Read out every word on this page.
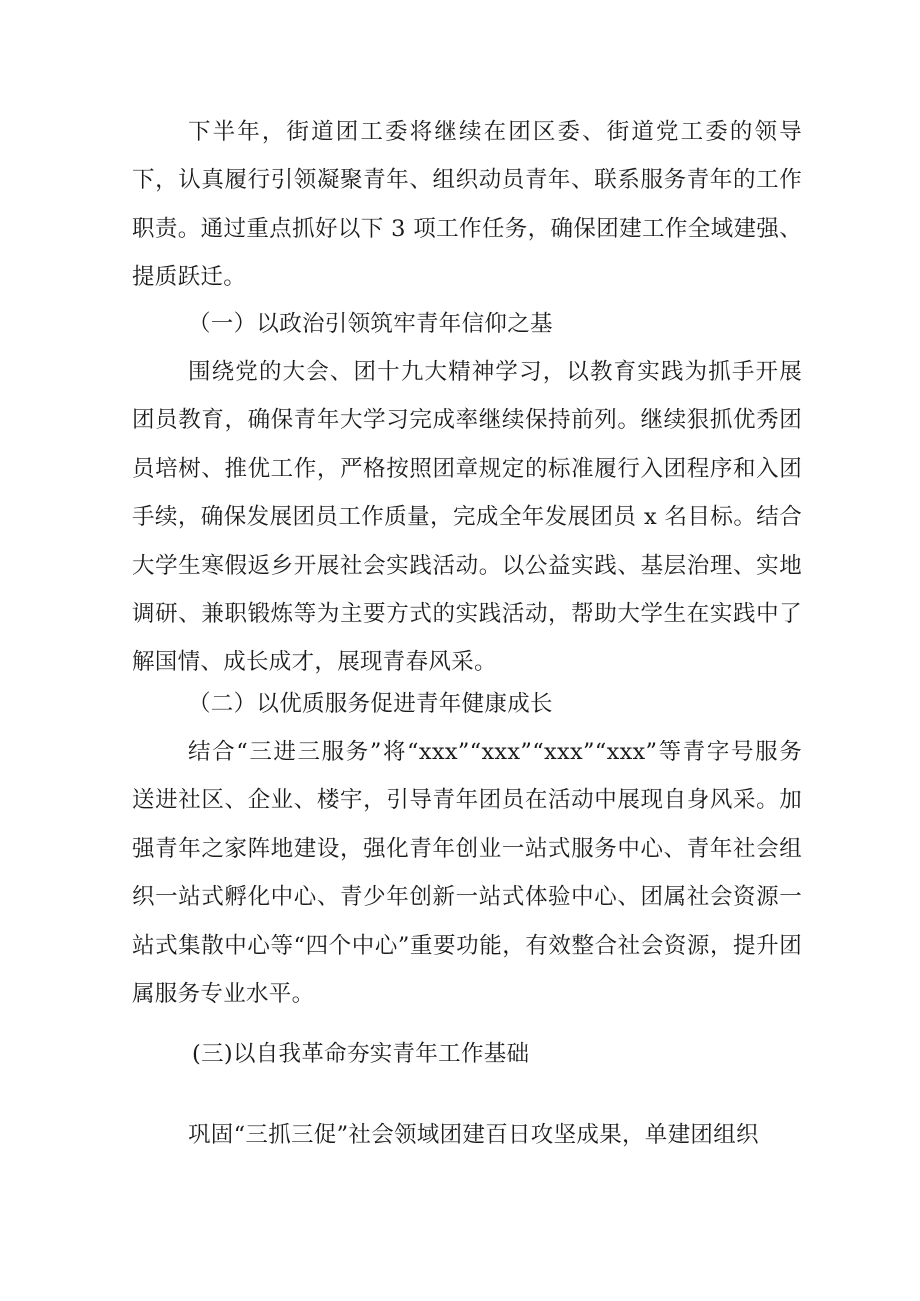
下半年，街道团工委将继续在团区委、街道党工委的领导下，认真履行引领凝聚青年、组织动员青年、联系服务青年的工作职责。通过重点抓好以下 3 项工作任务，确保团建工作全域建强、提质跃迁。

（一）以政治引领筑牢青年信仰之基

围绕党的大会、团十九大精神学习，以教育实践为抓手开展团员教育，确保青年大学习完成率继续保持前列。继续狠抓优秀团员培树、推优工作，严格按照团章规定的标准履行入团程序和入团手续，确保发展团员工作质量，完成全年发展团员 x 名目标。结合大学生寒假返乡开展社会实践活动。以公益实践、基层治理、实地调研、兼职锻炼等为主要方式的实践活动，帮助大学生在实践中了解国情、成长成才，展现青春风采。

（二）以优质服务促进青年健康成长

结合“三进三服务”将“xxx”“xxx”“xxx”“xxx”等青字号服务送进社区、企业、楼宇，引导青年团员在活动中展现自身风采。加强青年之家阵地建设，强化青年创业一站式服务中心、青年社会组织一站式孵化中心、青少年创新一站式体验中心、团属社会资源一站式集散中心等“四个中心”重要功能，有效整合社会资源，提升团属服务专业水平。

(三)以自我革命夯实青年工作基础

巩固“三抓三促”社会领域团建百日攻坚成果，单建团组织
